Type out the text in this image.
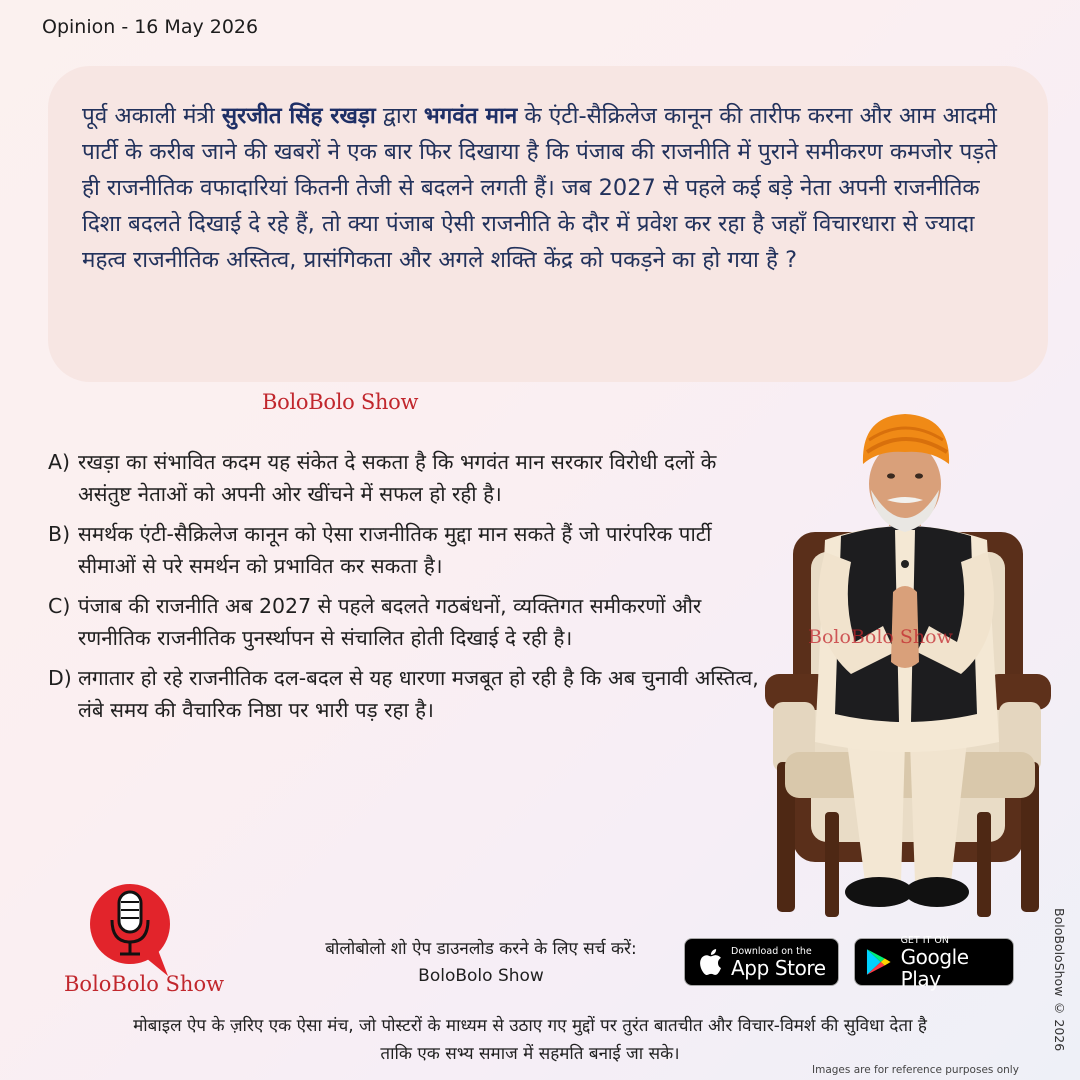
Opinion - 16 May 2026

पूर्व अकाली मंत्री सुरजीत सिंह रखड़ा द्वारा भगवंत मान के एंटी-सैक्रिलेज कानून की तारीफ करना और आम आदमी पार्टी के करीब जाने की खबरों ने एक बार फिर दिखाया है कि पंजाब की राजनीति में पुराने समीकरण कमजोर पड़ते ही राजनीतिक वफादारियां कितनी तेजी से बदलने लगती हैं। जब 2027 से पहले कई बड़े नेता अपनी राजनीतिक दिशा बदलते दिखाई दे रहे हैं, तो क्या पंजाब ऐसी राजनीति के दौर में प्रवेश कर रहा है जहाँ विचारधारा से ज्यादा महत्व राजनीतिक अस्तित्व, प्रासंगिकता और अगले शक्ति केंद्र को पकड़ने का हो गया है ?

BoloBolo Show
A) रखड़ा का संभावित कदम यह संकेत दे सकता है कि भगवंत मान सरकार विरोधी दलों के असंतुष्ट नेताओं को अपनी ओर खींचने में सफल हो रही है।
B) समर्थक एंटी-सैक्रिलेज कानून को ऐसा राजनीतिक मुद्दा मान सकते हैं जो पारंपरिक पार्टी सीमाओं से परे समर्थन को प्रभावित कर सकता है।
C) पंजाब की राजनीति अब 2027 से पहले बदलते गठबंधनों, व्यक्तिगत समीकरणों और रणनीतिक राजनीतिक पुनर्स्थापन से संचालित होती दिखाई दे रही है।
D) लगातार हो रहे राजनीतिक दल-बदल से यह धारणा मजबूत हो रही है कि अब चुनावी अस्तित्व, लंबे समय की वैचारिक निष्ठा पर भारी पड़ रहा है।
BoloBolo Show
BoloBolo Show
बोलोबोलो शो ऐप डाउनलोड करने के लिए सर्च करें:
BoloBolo Show
Download on the
App Store
GET IT ON
Google Play
मोबाइल ऐप के ज़रिए एक ऐसा मंच, जो पोस्टरों के माध्यम से उठाए गए मुद्दों पर तुरंत बातचीत और विचार-विमर्श की सुविधा देता है
ताकि एक सभ्य समाज में सहमति बनाई जा सके।
BoloBoloShow © 2026
Images are for reference purposes only
